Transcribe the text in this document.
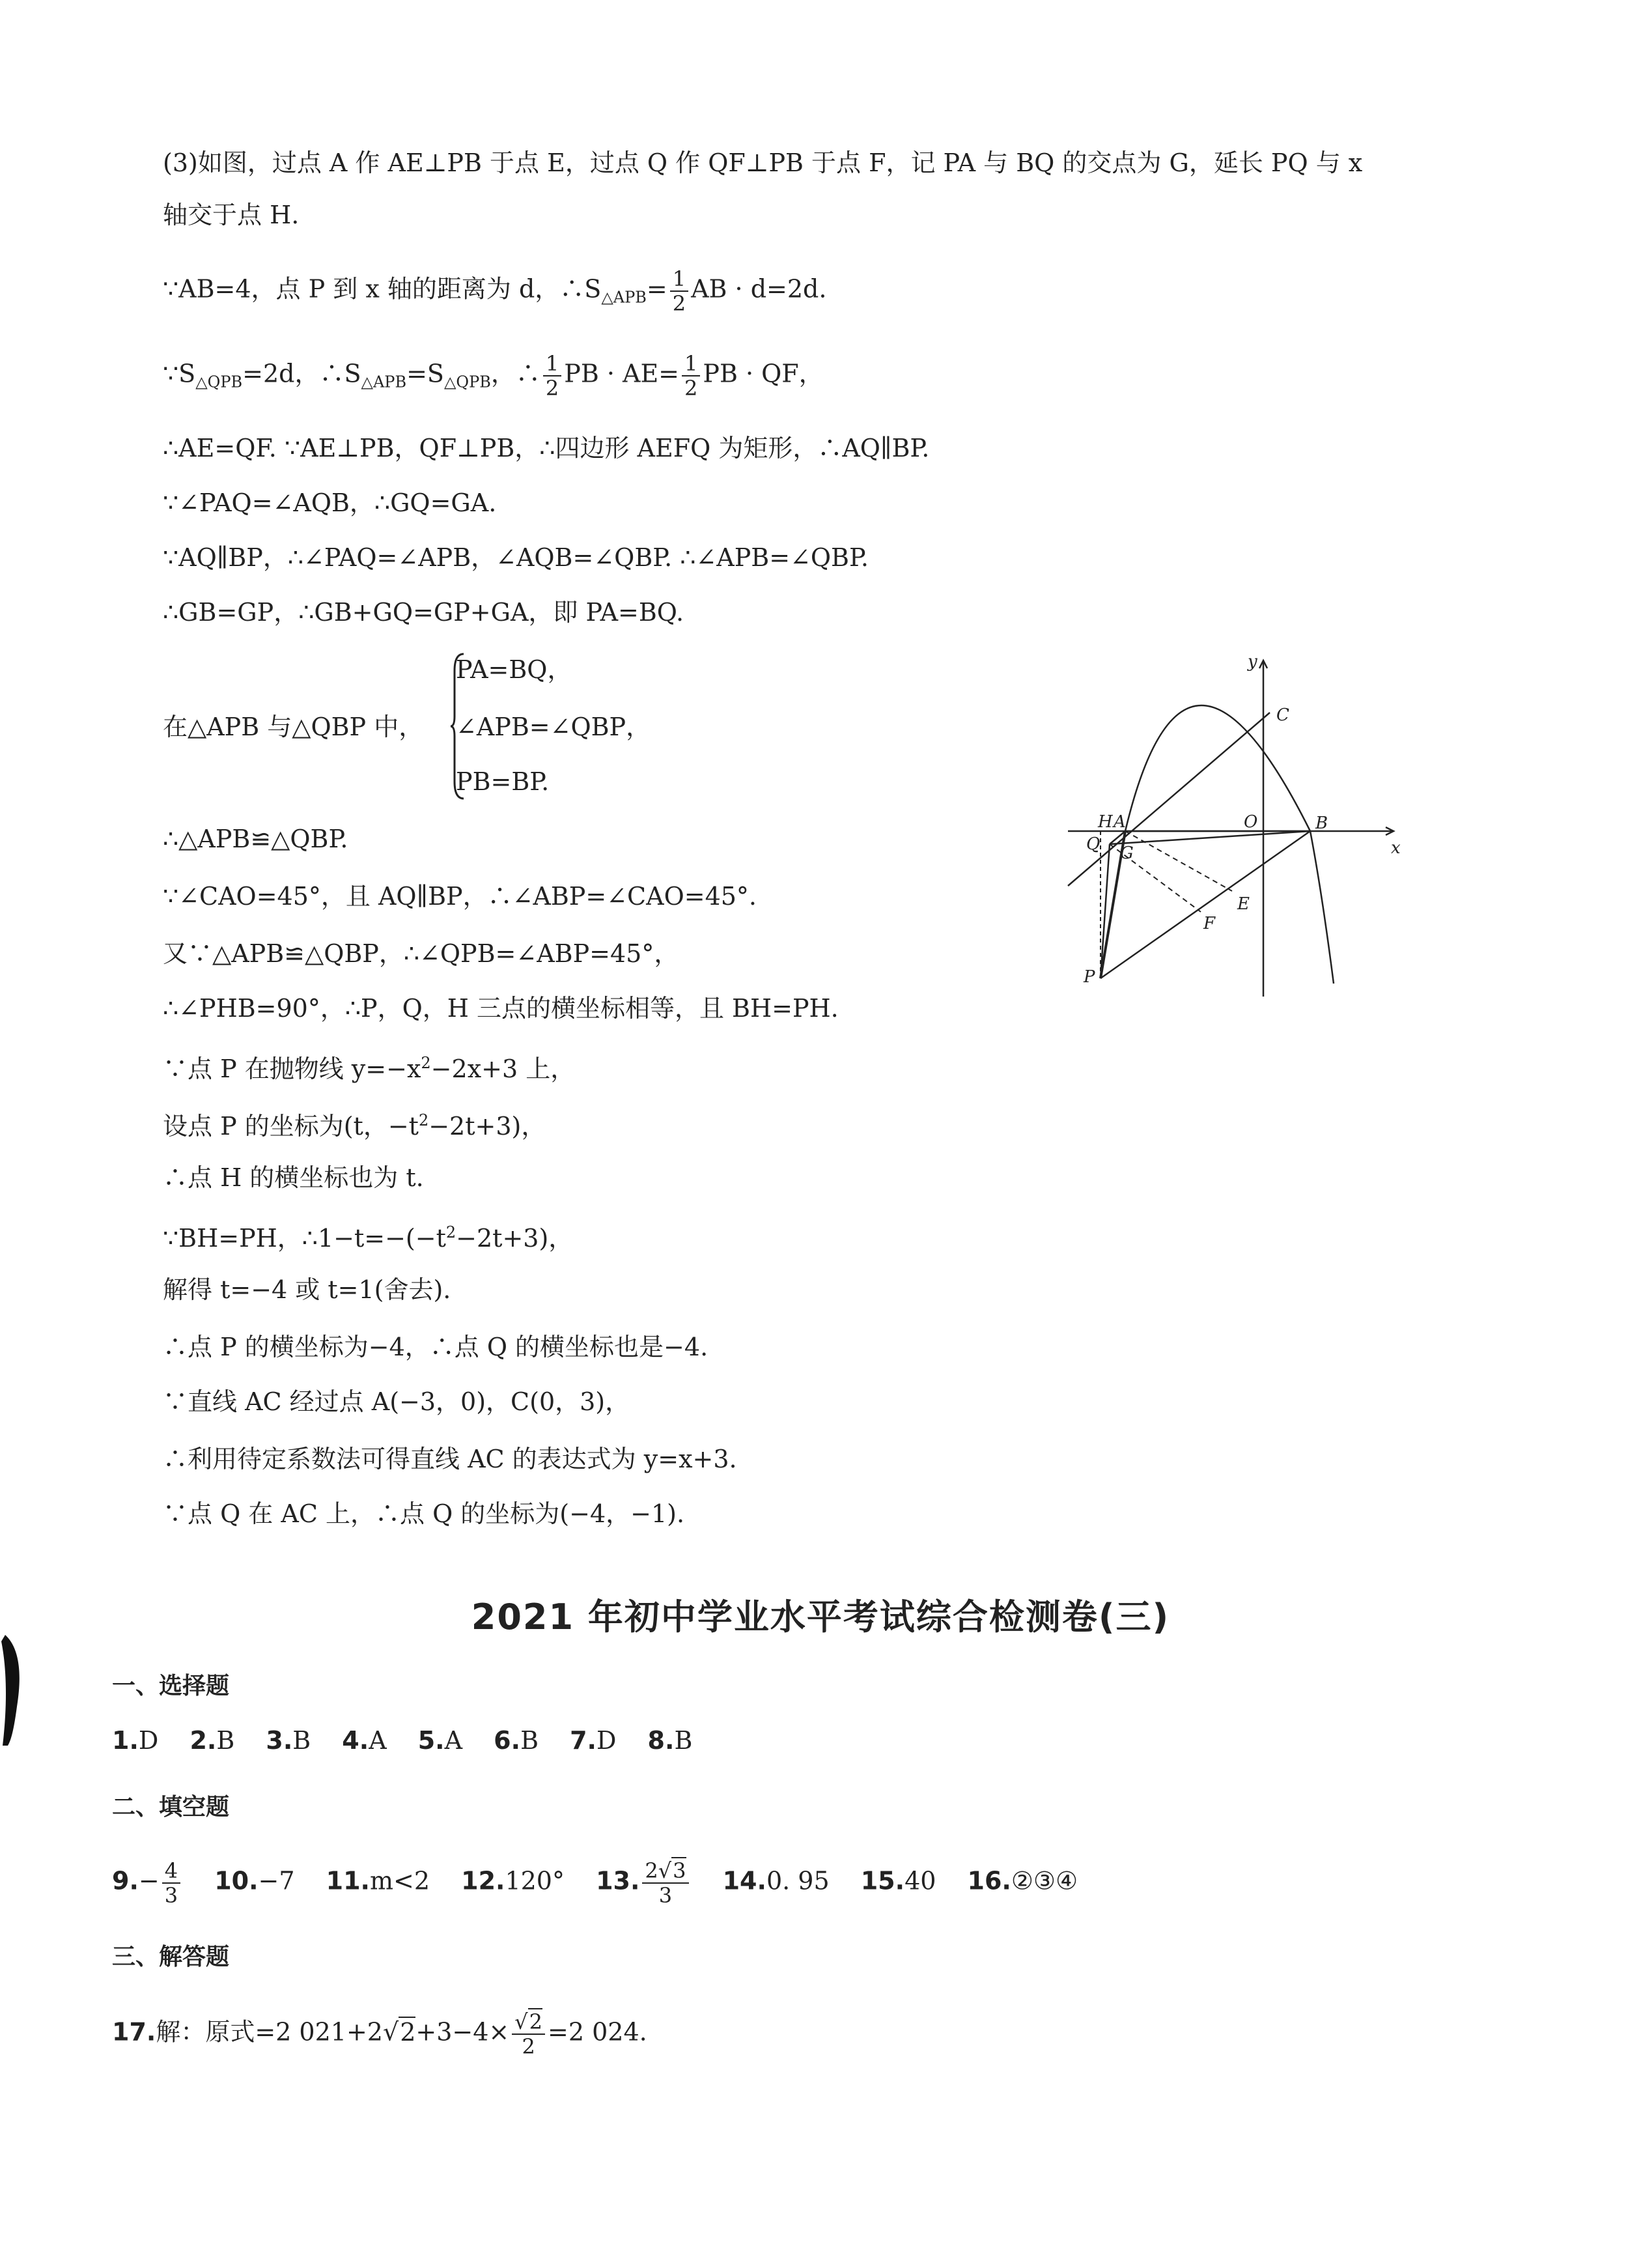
(3)如图，过点 A 作 AE⊥PB 于点 E，过点 Q 作 QF⊥PB 于点 F，记 PA 与 BQ 的交点为 G，延长 PQ 与 x
轴交于点 H.
∵AB=4，点 P 到 x 轴的距离为 d，$\therefore S_{\triangle APB}= \frac{1}{2}$ AB · d=2d.
$\because S_{\triangle QPB}=2d$，$\therefore S_{\triangle APB}=S_{\triangle QPB}$，∴ $\frac{1}{2}$ PB · $AE= \frac{1}{2}$ PB · QF，
∴AE=QF. ∵AE⊥PB，QF⊥PB，∴四边形 AEFQ 为矩形，∴AQ∥BP.
∵∠PAQ=∠AQB，∴GQ=GA.
∵AQ∥BP，∴∠PAQ=∠APB，∠AQB=∠QBP. ∴∠APB=∠QBP.
∴GB=GP，∴GB+GQ=GP+GA，即 PA=BQ.
在△APB 与△QBP 中，
PA=BQ，
∠APB=∠QBP，
PB=BP.
∴△APB≌△QBP.
∵∠CAO=45°，且 AQ∥BP，∴∠ABP=∠CAO=45°.
又∵△APB≌△QBP，∴∠QPB=∠ABP=45°，
∴∠PHB=90°，∴P，Q，H 三点的横坐标相等，且 BH=PH.
∵点 P 在抛物线 $y=-x^2-2x+3$ 上，
设点 P 的坐标为(t，$-t^2-2t+3$)，
∴点 H 的横坐标也为 t.
∵BH=PH，$\therefore 1-t=-(-t^2-2t+3)$，
解得 t=−4 或 t=1(舍去).
∴点 P 的横坐标为−4，∴点 Q 的横坐标也是−4.
∵直线 AC 经过点 A(−3，0)，C(0，3)，
∴利用待定系数法可得直线 AC 的表达式为 y=x+3.
∵点 Q 在 AC 上，∴点 Q 的坐标为(−4，−1).
y
x
C
H A	O	B
Q G
E
F
P
2021 年初中学业水平考试综合检测卷(三)
一、选择题
1.D 2.B 3.B 4.A 5.A 6.B 7.D 8.B
二、填空题
$9.- \frac{4}{3} 10.-7$ 11.m<2 12.120° 13. $\frac{2√3}{3} 14.0$. 95 15.40 16.②③④
三、解答题
17.解：原式=2 $021+2√2+3-4\times \frac{√2}{2} =2$ 024.
